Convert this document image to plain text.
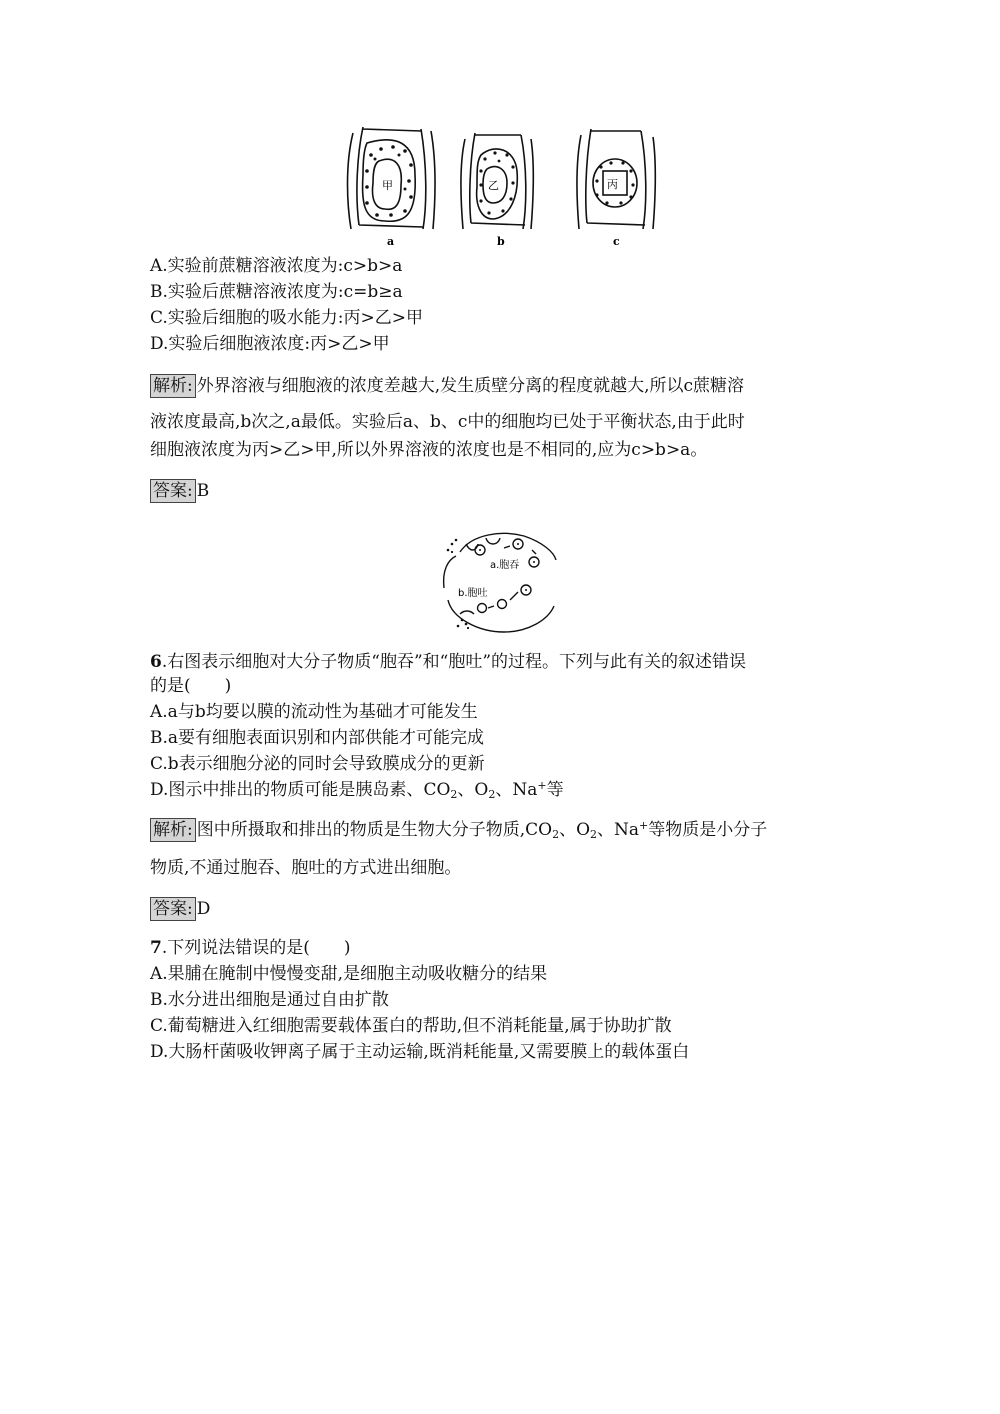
甲	乙	丙
a	b	c
A.实验前蔗糖溶液浓度为:c>b>a
B.实验后蔗糖溶液浓度为:c=b≥a
C.实验后细胞的吸水能力:丙>乙>甲
D.实验后细胞液浓度:丙>乙>甲
解析: 外界溶液与细胞液的浓度差越大,发生质壁分离的程度就越大,所以c蔗糖溶
液浓度最高,b次之,a最低。实验后a、b、c中的细胞均已处于平衡状态,由于此时
细胞液浓度为丙>乙>甲,所以外界溶液的浓度也是不相同的,应为c>b>a。
答案: B
a.胞吞
b.胞吐
6.右图表示细胞对大分子物质“胞吞”和“胞吐”的过程。下列与此有关的叙述错误
的是(　　)
A.a与b均要以膜的流动性为基础才可能发生
B.a要有细胞表面识别和内部供能才可能完成
C.b表示细胞分泌的同时会导致膜成分的更新
D.图示中排出的物质可能是胰岛素、$CO_2$、$O_2$、Na+等
解析: 图中所摄取和排出的物质是生物大分子物质$,CO_2$、$O_2$、Na+等物质是小分子
物质,不通过胞吞、胞吐的方式进出细胞。
答案: D
7.下列说法错误的是(　　)
A.果脯在腌制中慢慢变甜,是细胞主动吸收糖分的结果
B.水分进出细胞是通过自由扩散
C.葡萄糖进入红细胞需要载体蛋白的帮助,但不消耗能量,属于协助扩散
D.大肠杆菌吸收钾离子属于主动运输,既消耗能量,又需要膜上的载体蛋白
